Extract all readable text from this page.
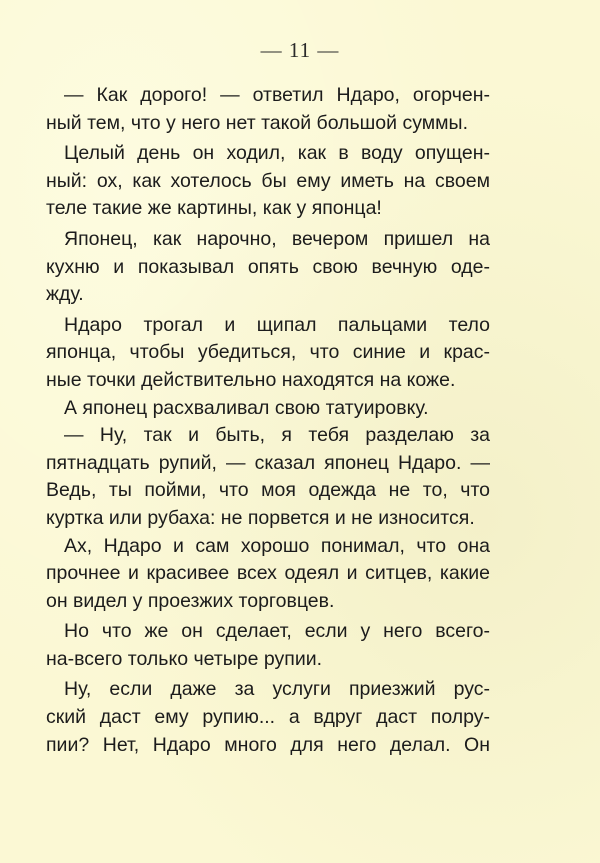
— 11 —
— Как дорого! — ответил Ндаро, огорчен-
ный тем, что у него нет такой большой суммы.
Целый день он ходил, как в воду опущен-
ный: ох, как хотелось бы ему иметь на своем
теле такие же картины, как у японца!
Японец, как нарочно, вечером пришел на
кухню и показывал опять свою вечную оде-
жду.
Ндаро трогал и щипал пальцами тело
японца, чтобы убедиться, что синие и крас-
ные точки действительно находятся на коже.
А японец расхваливал свою татуировку.
— Ну, так и быть, я тебя разделаю за
пятнадцать рупий, — сказал японец Ндаро. —
Ведь, ты пойми, что моя одежда не то, что
куртка или рубаха: не порвется и не износится.
Ах, Ндаро и сам хорошо понимал, что она
прочнее и красивее всех одеял и ситцев, какие
он видел у проезжих торговцев.
Но что же он сделает, если у него всего-
на-всего только четыре рупии.
Ну, если даже за услуги приезжий рус-
ский даст ему рупию... а вдруг даст полру-
пии? Нет, Ндаро много для него делал. Он
